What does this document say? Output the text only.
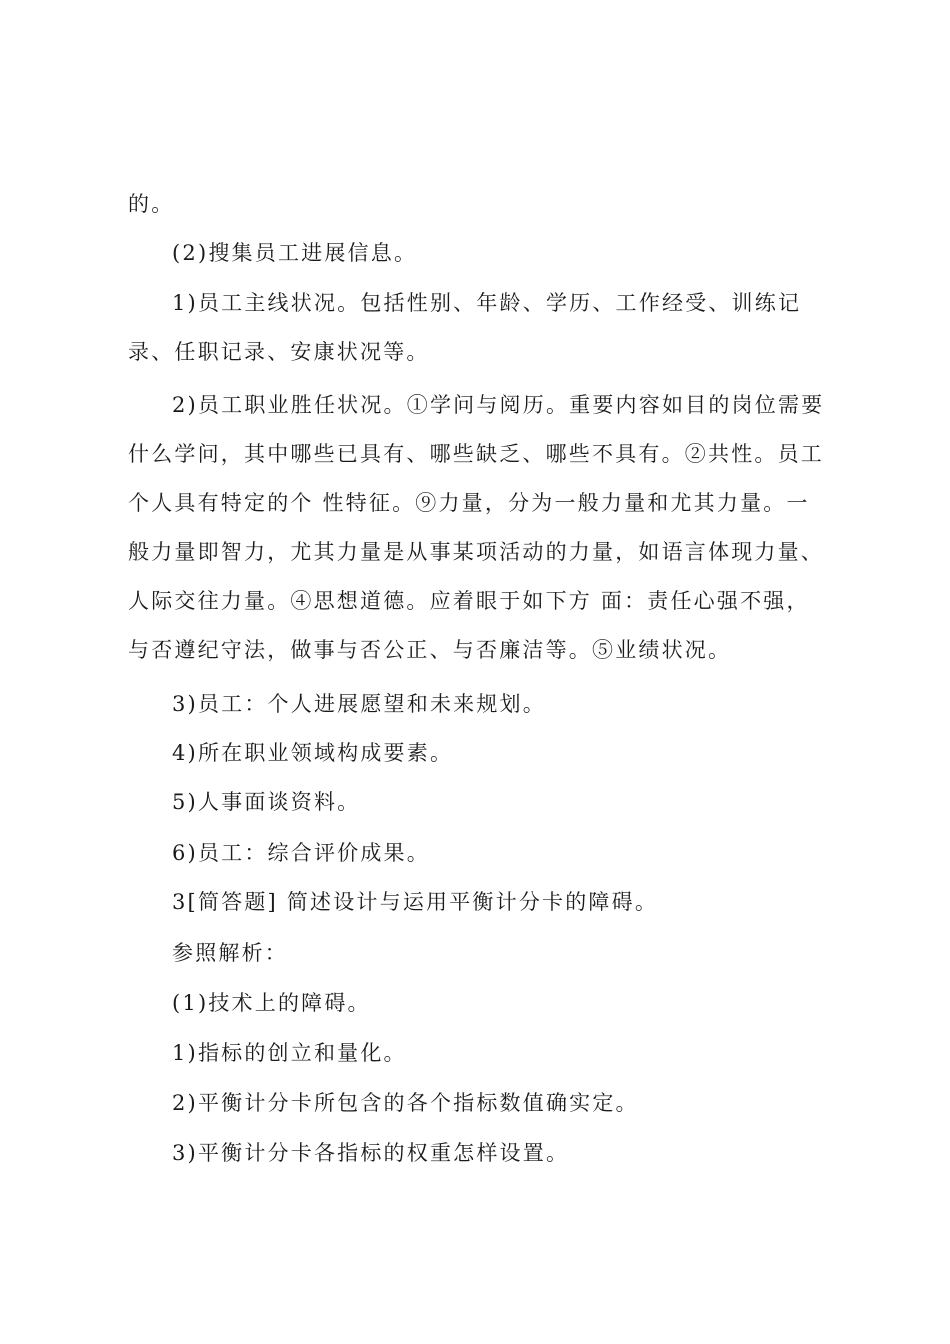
的。

(2)搜集员工进展信息。

1)员工主线状况。包括性别、年龄、学历、工作经受、训练记录、任职记录、安康状况等。

2)员工职业胜任状况。①学问与阅历。重要内容如目的岗位需要什么学问，其中哪些已具有、哪些缺乏、哪些不具有。②共性。员工个人具有特定的个 性特征。⑨力量，分为一般力量和尤其力量。一般力量即智力，尤其力量是从事某项活动的力量，如语言体现力量、人际交往力量。④思想道德。应着眼于如下方 面：责任心强不强，与否遵纪守法，做事与否公正、与否廉洁等。⑤业绩状况。

3)员工：个人进展愿望和未来规划。

4)所在职业领域构成要素。

5)人事面谈资料。

6)员工：综合评价成果。

3[简答题] 简述设计与运用平衡计分卡的障碍。

参照解析：

(1)技术上的障碍。

1)指标的创立和量化。

2)平衡计分卡所包含的各个指标数值确实定。

3)平衡计分卡各指标的权重怎样设置。
